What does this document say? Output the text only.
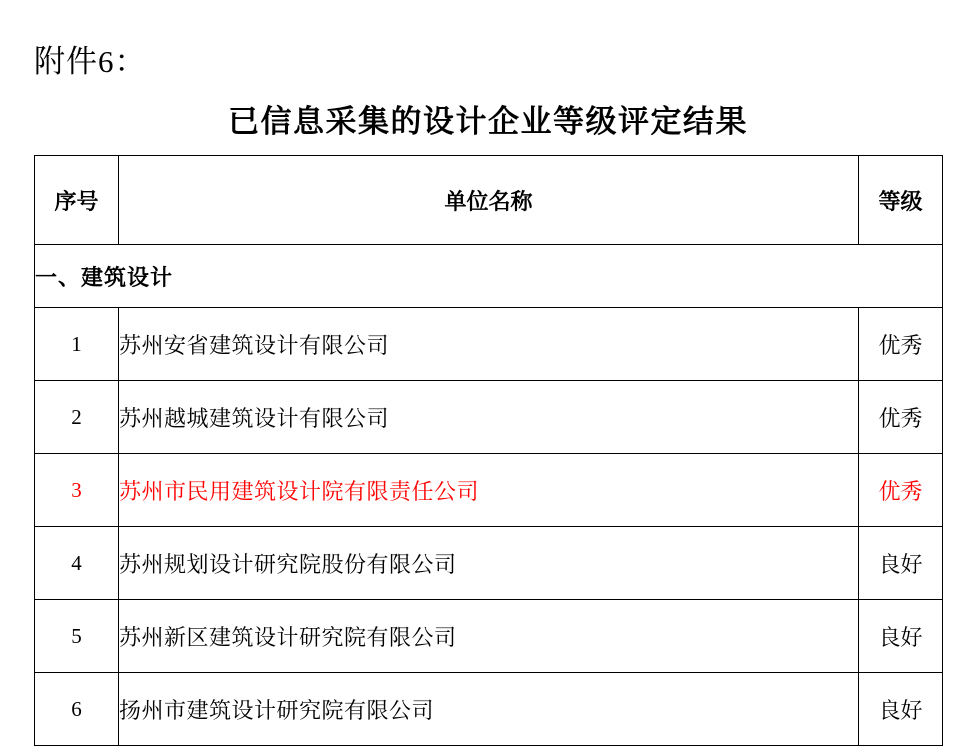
附件6：
已信息采集的设计企业等级评定结果
序号	单位名称	等级
一、建筑设计		
1	苏州安省建筑设计有限公司	优秀
2	苏州越城建筑设计有限公司	优秀
3	苏州市民用建筑设计院有限责任公司	优秀
4	苏州规划设计研究院股份有限公司	良好
5	苏州新区建筑设计研究院有限公司	良好
6	扬州市建筑设计研究院有限公司	良好
